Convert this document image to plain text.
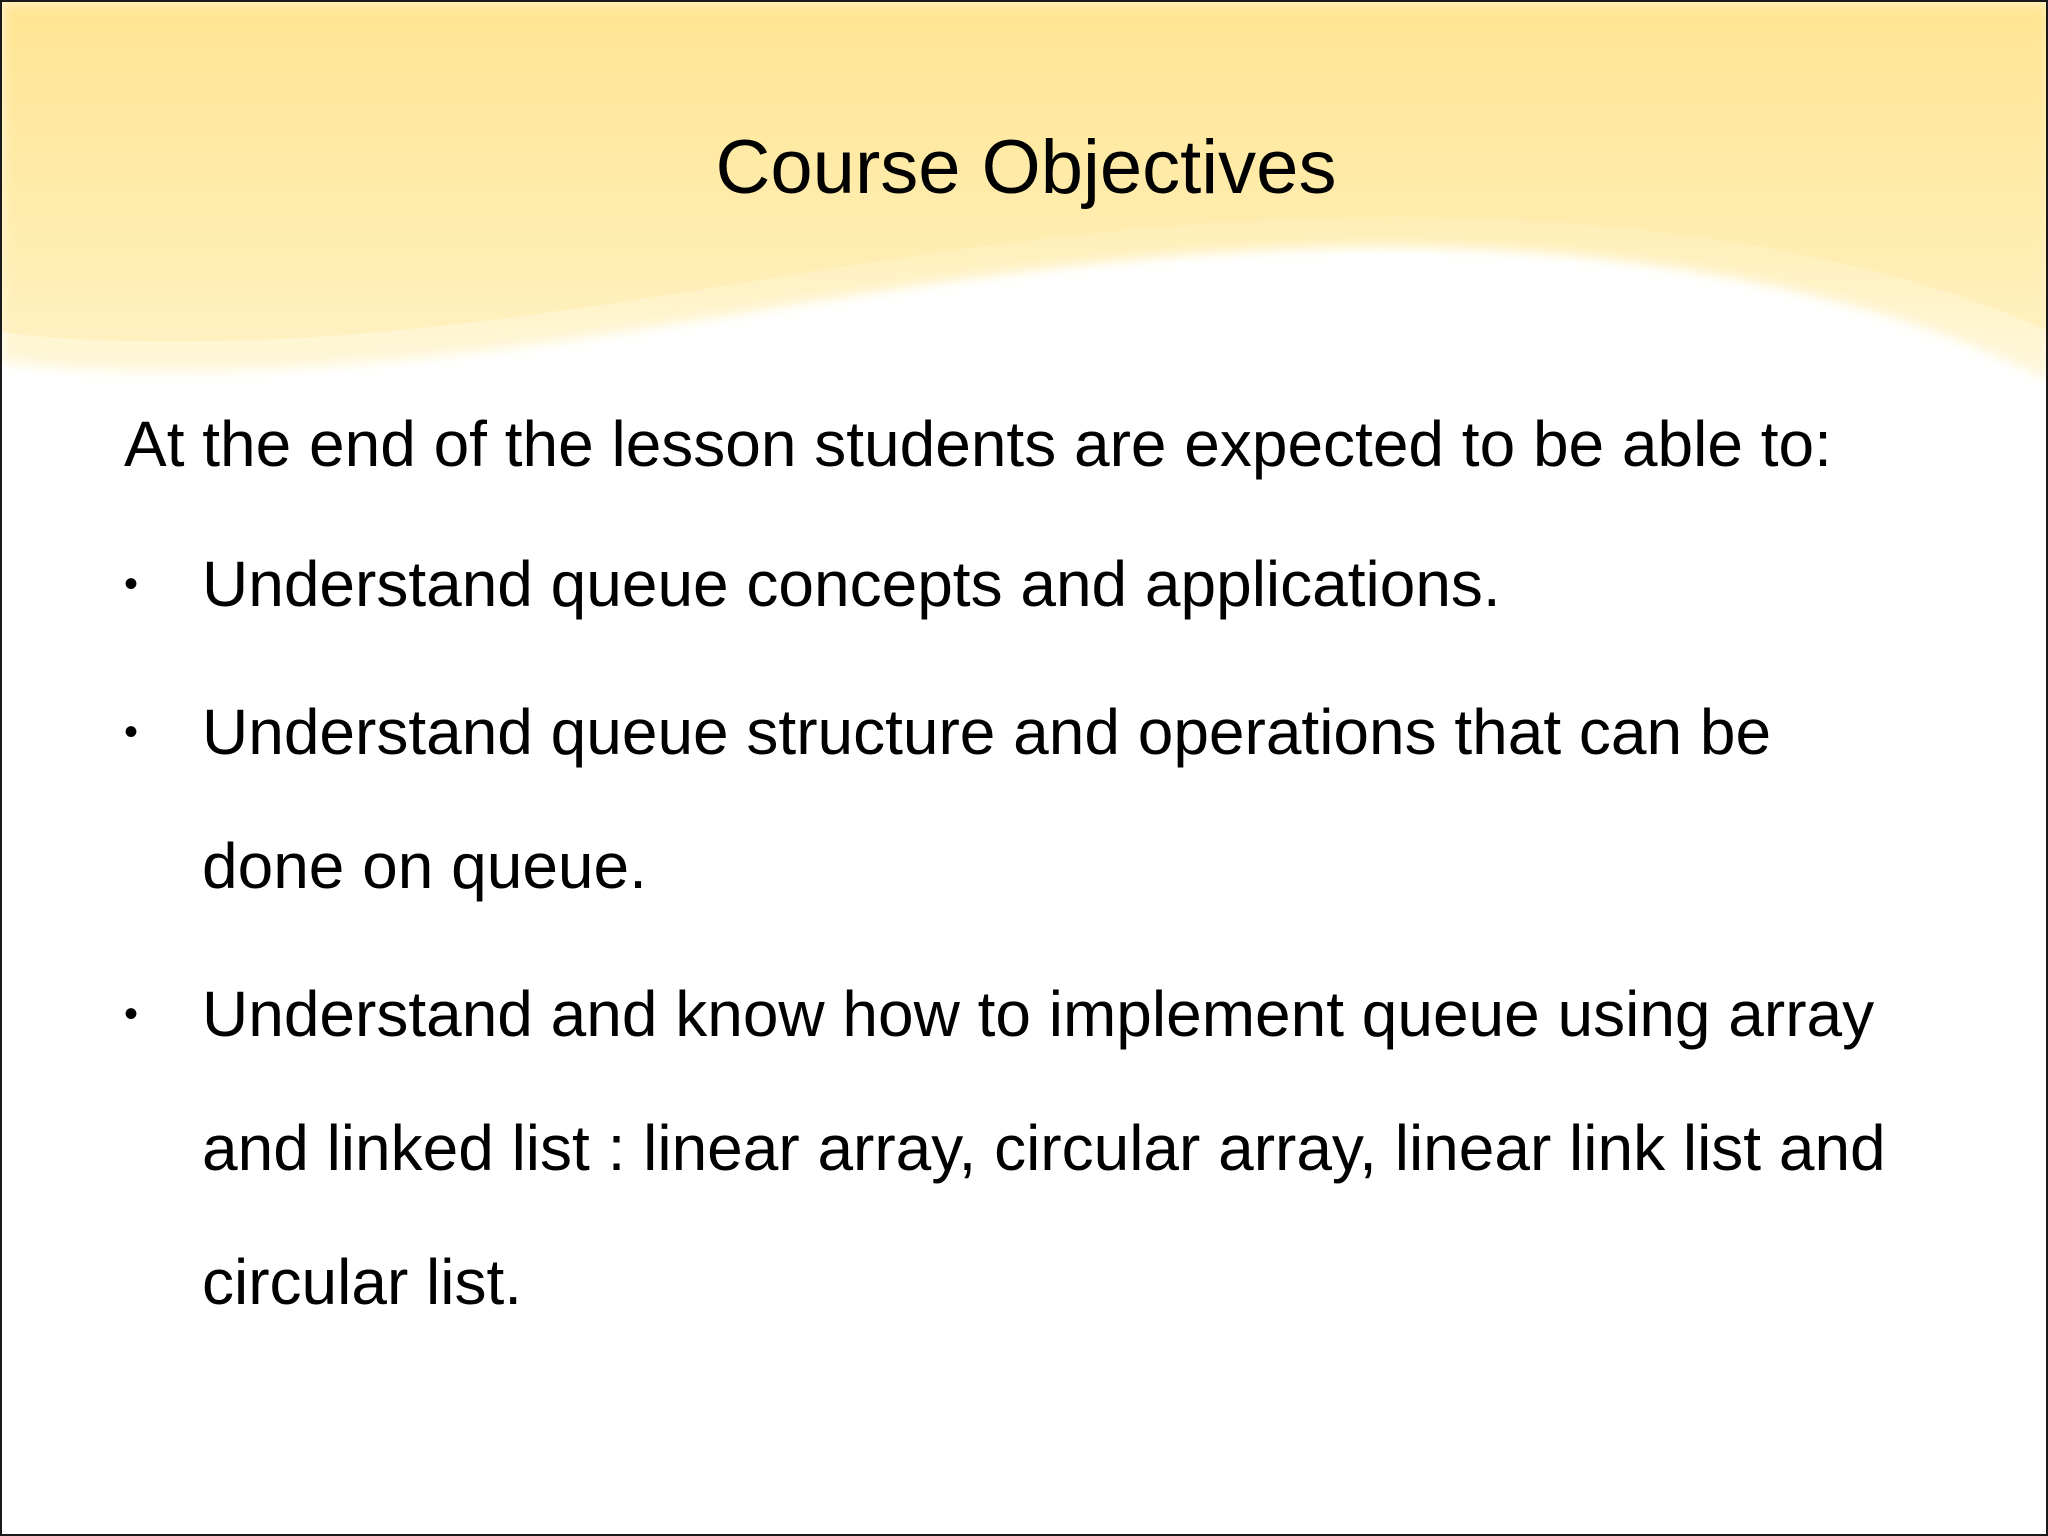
Course Objectives

At the end of the lesson students are expected to be able to:

• Understand queue concepts and applications.
• Understand queue structure and operations that can be done on queue.
• Understand and know how to implement queue using array and linked list : linear array, circular array, linear link list and circular list.
